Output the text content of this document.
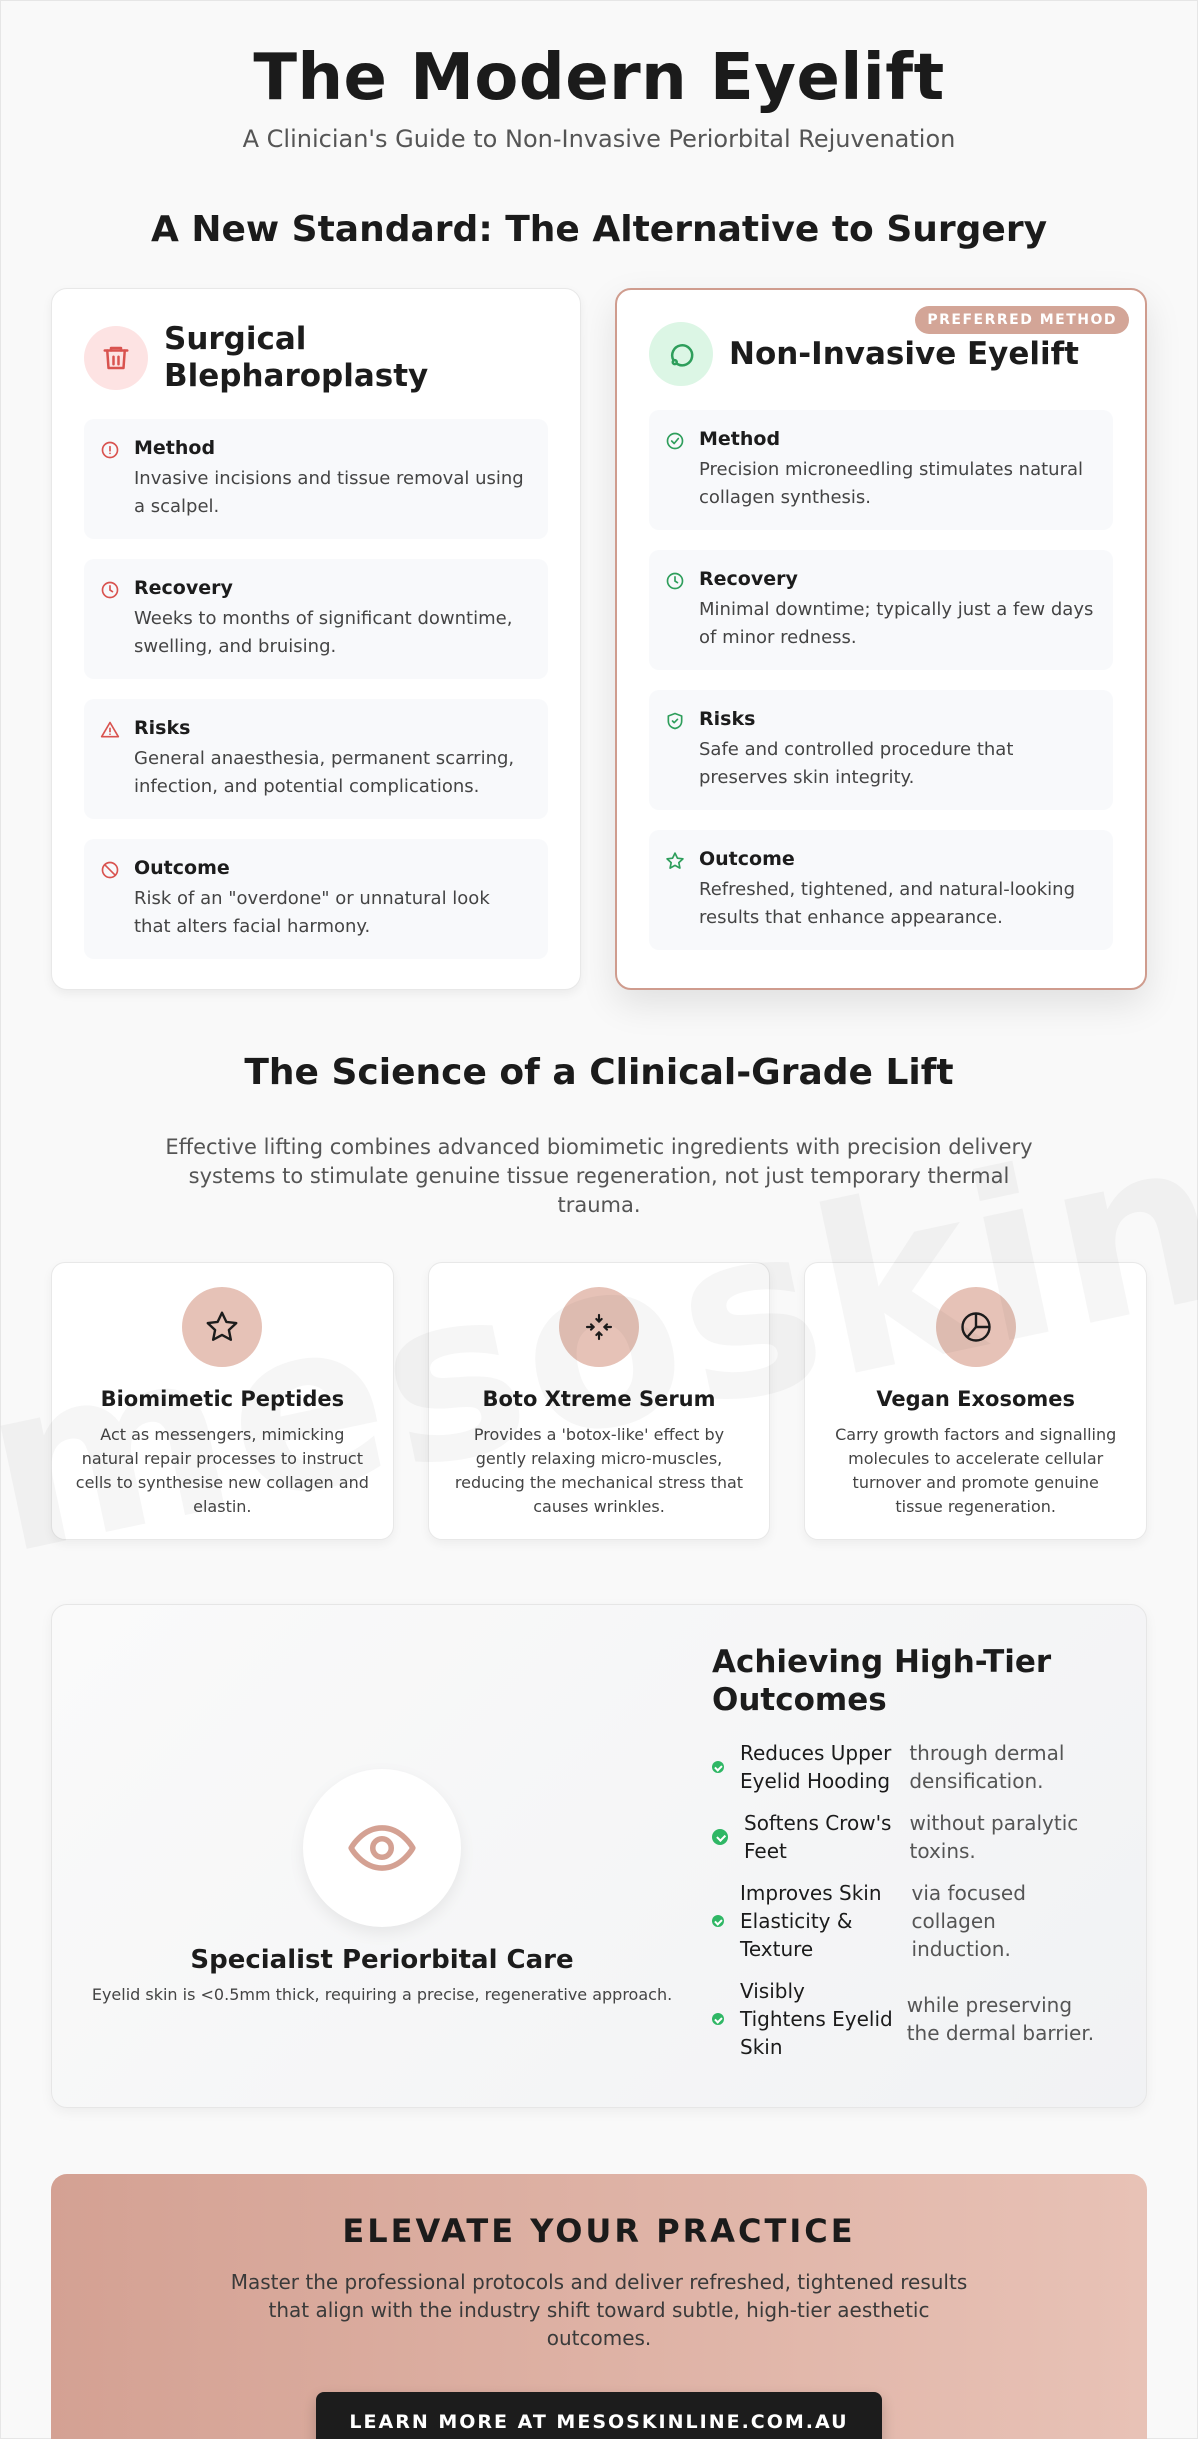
The Modern Eyelift

A Clinician's Guide to Non-Invasive Periorbital Rejuvenation

A New Standard: The Alternative to Surgery
Surgical Blepharoplasty
Method
Invasive incisions and tissue removal using a scalpel.
Recovery
Weeks to months of significant downtime, swelling, and bruising.
Risks
General anaesthesia, permanent scarring, infection, and potential complications.
Outcome
Risk of an "overdone" or unnatural look that alters facial harmony.
PREFERRED METHOD
Non-Invasive Eyelift
Method
Precision microneedling stimulates natural collagen synthesis.
Recovery
Minimal downtime; typically just a few days of minor redness.
Risks
Safe and controlled procedure that preserves skin integrity.
Outcome
Refreshed, tightened, and natural-looking results that enhance appearance.
The Science of a Clinical-Grade Lift

Effective lifting combines advanced biomimetic ingredients with precision delivery systems to stimulate genuine tissue regeneration, not just temporary thermal trauma.

Biomimetic Peptides
Act as messengers, mimicking natural repair processes to instruct cells to synthesise new collagen and elastin.
Boto Xtreme Serum
Provides a 'botox-like' effect by gently relaxing micro-muscles, reducing the mechanical stress that causes wrinkles.
Vegan Exosomes
Carry growth factors and signalling molecules to accelerate cellular turnover and promote genuine tissue regeneration.
Specialist Periorbital Care
Eyelid skin is <0.5mm thick, requiring a precise, regenerative approach.
Achieving High-Tier Outcomes
Reduces Upper
Eyelid Hooding
through dermal
densification.
Softens Crow's
Feet
without paralytic
toxins.
Improves Skin
Elasticity &
Texture
via focused
collagen
induction.
Visibly
Tightens Eyelid
Skin
while preserving
the dermal barrier.
ELEVATE YOUR PRACTICE

Master the professional protocols and deliver refreshed, tightened results that align with the industry shift toward subtle, high-tier aesthetic outcomes.

LEARN MORE AT MESOSKINLINE.COM.AU
